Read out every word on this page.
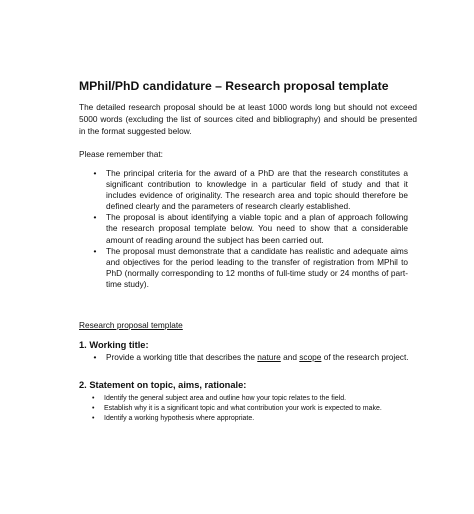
MPhil/PhD candidature – Research proposal template
The detailed research proposal should be at least 1000 words long but should not exceed 5000 words (excluding the list of sources cited and bibliography) and should be presented in the format suggested below.
Please remember that:
• The principal criteria for the award of a PhD are that the research constitutes a significant contribution to knowledge in a particular field of study and that it includes evidence of originality. The research area and topic should therefore be defined clearly and the parameters of research clearly established.
• The proposal is about identifying a viable topic and a plan of approach following the research proposal template below. You need to show that a considerable amount of reading around the subject has been carried out.
• The proposal must demonstrate that a candidate has realistic and adequate aims and objectives for the period leading to the transfer of registration from MPhil to PhD (normally corresponding to 12 months of full-time study or 24 months of part-time study).
Research proposal template
1. Working title:
• Provide a working title that describes the nature and scope of the research project.
2. Statement on topic, aims, rationale:
• Identify the general subject area and outline how your topic relates to the field.
• Establish why it is a significant topic and what contribution your work is expected to make.
• Identify a working hypothesis where appropriate.
